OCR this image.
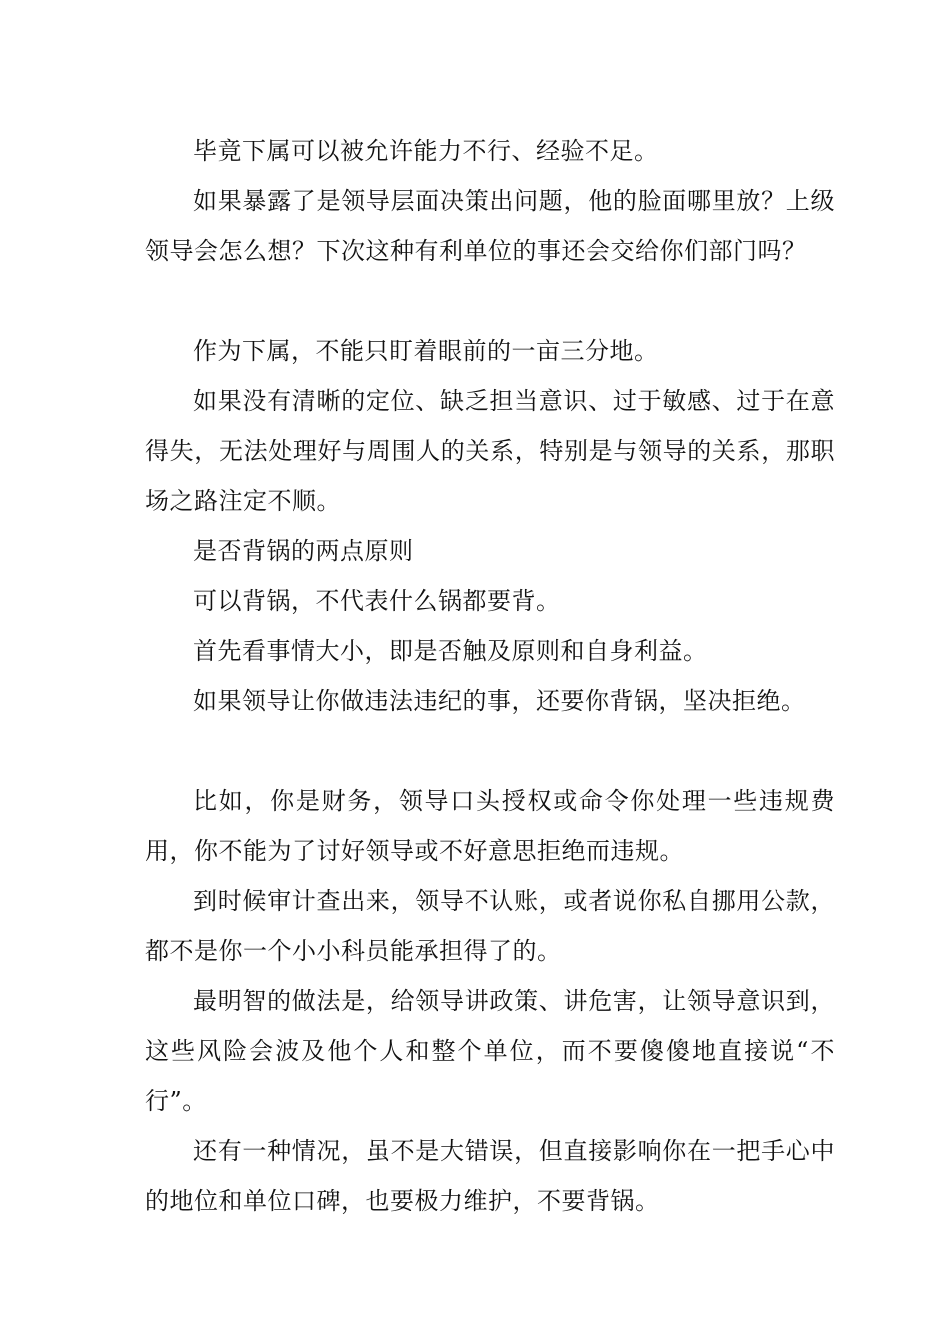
毕竟下属可以被允许能力不行、经验不足。

如果暴露了是领导层面决策出问题，他的脸面哪里放？上级领导会怎么想？下次这种有利单位的事还会交给你们部门吗？

作为下属，不能只盯着眼前的一亩三分地。

如果没有清晰的定位、缺乏担当意识、过于敏感、过于在意得失，无法处理好与周围人的关系，特别是与领导的关系，那职场之路注定不顺。

是否背锅的两点原则

可以背锅，不代表什么锅都要背。

首先看事情大小，即是否触及原则和自身利益。

如果领导让你做违法违纪的事，还要你背锅，坚决拒绝。

比如，你是财务，领导口头授权或命令你处理一些违规费用，你不能为了讨好领导或不好意思拒绝而违规。

到时候审计查出来，领导不认账，或者说你私自挪用公款，都不是你一个小小科员能承担得了的。

最明智的做法是，给领导讲政策、讲危害，让领导意识到，这些风险会波及他个人和整个单位，而不要傻傻地直接说“不行”。

还有一种情况，虽不是大错误，但直接影响你在一把手心中的地位和单位口碑，也要极力维护，不要背锅。
